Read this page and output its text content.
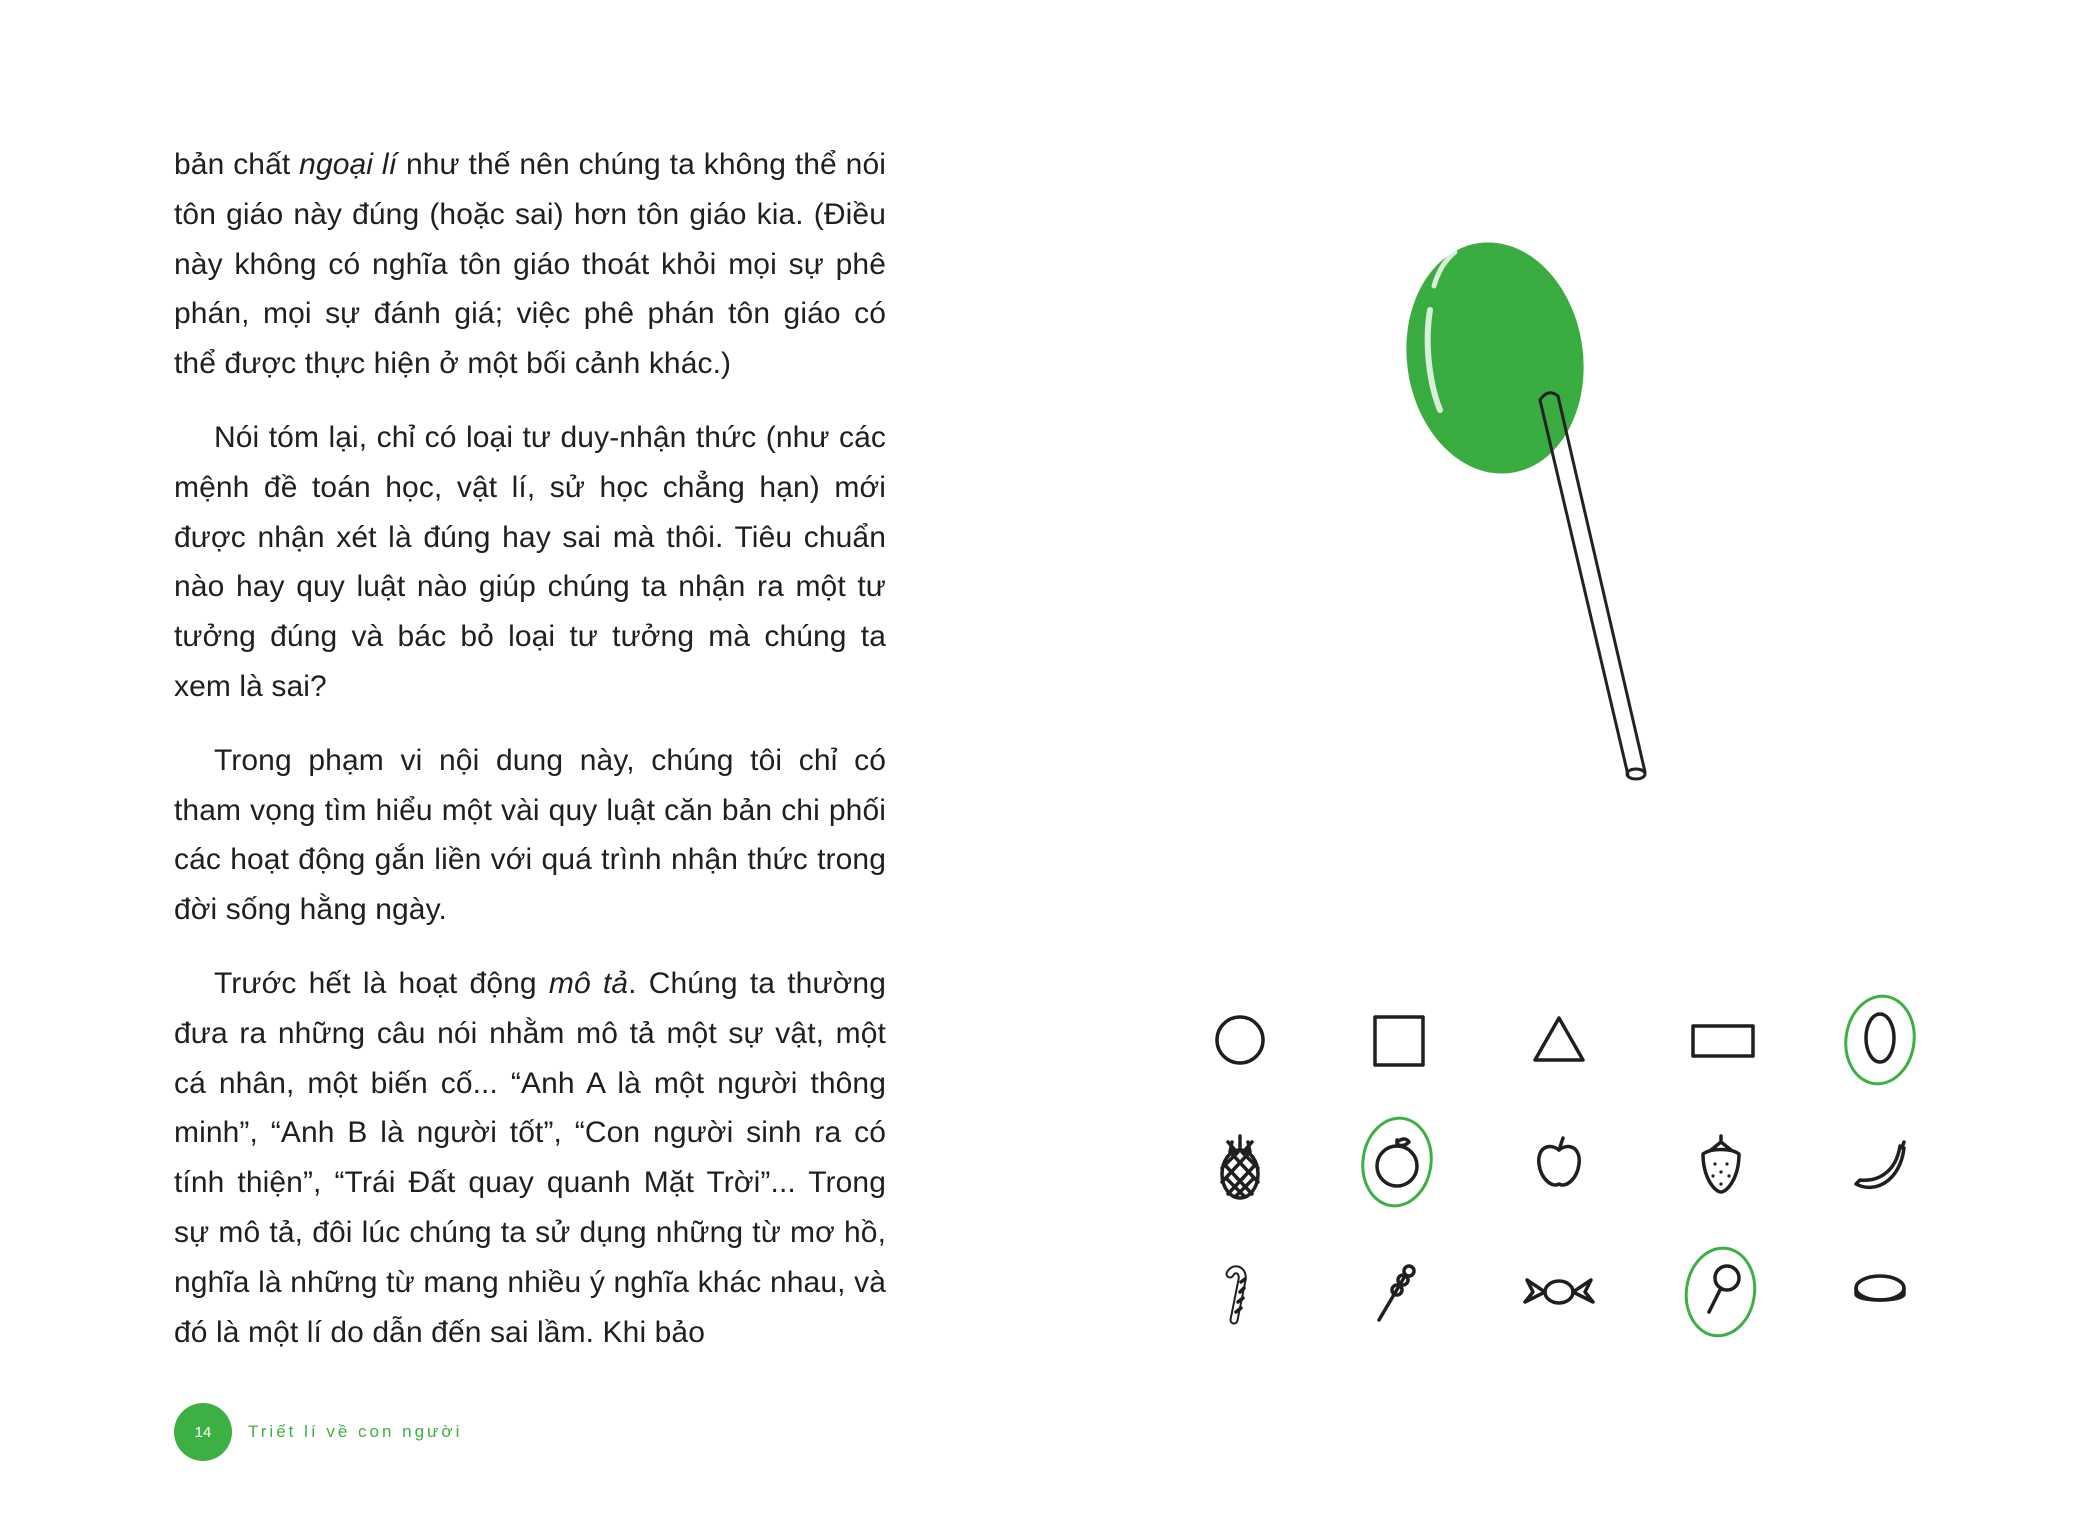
bản chất ngoại lí như thế nên chúng ta không thể nói tôn giáo này đúng (hoặc sai) hơn tôn giáo kia. (Điều này không có nghĩa tôn giáo thoát khỏi mọi sự phê phán, mọi sự đánh giá; việc phê phán tôn giáo có thể được thực hiện ở một bối cảnh khác.)

Nói tóm lại, chỉ có loại tư duy-nhận thức (như các mệnh đề toán học, vật lí, sử học chẳng hạn) mới được nhận xét là đúng hay sai mà thôi. Tiêu chuẩn nào hay quy luật nào giúp chúng ta nhận ra một tư tưởng đúng và bác bỏ loại tư tưởng mà chúng ta xem là sai?

Trong phạm vi nội dung này, chúng tôi chỉ có tham vọng tìm hiểu một vài quy luật căn bản chi phối các hoạt động gắn liền với quá trình nhận thức trong đời sống hằng ngày.

Trước hết là hoạt động mô tả. Chúng ta thường đưa ra những câu nói nhằm mô tả một sự vật, một cá nhân, một biến cố... “Anh A là một người thông minh”, “Anh B là người tốt”, “Con người sinh ra có tính thiện”, “Trái Đất quay quanh Mặt Trời”... Trong sự mô tả, đôi lúc chúng ta sử dụng những từ mơ hồ, nghĩa là những từ mang nhiều ý nghĩa khác nhau, và đó là một lí do dẫn đến sai lầm. Khi bảo

14 Triết lí về con người
